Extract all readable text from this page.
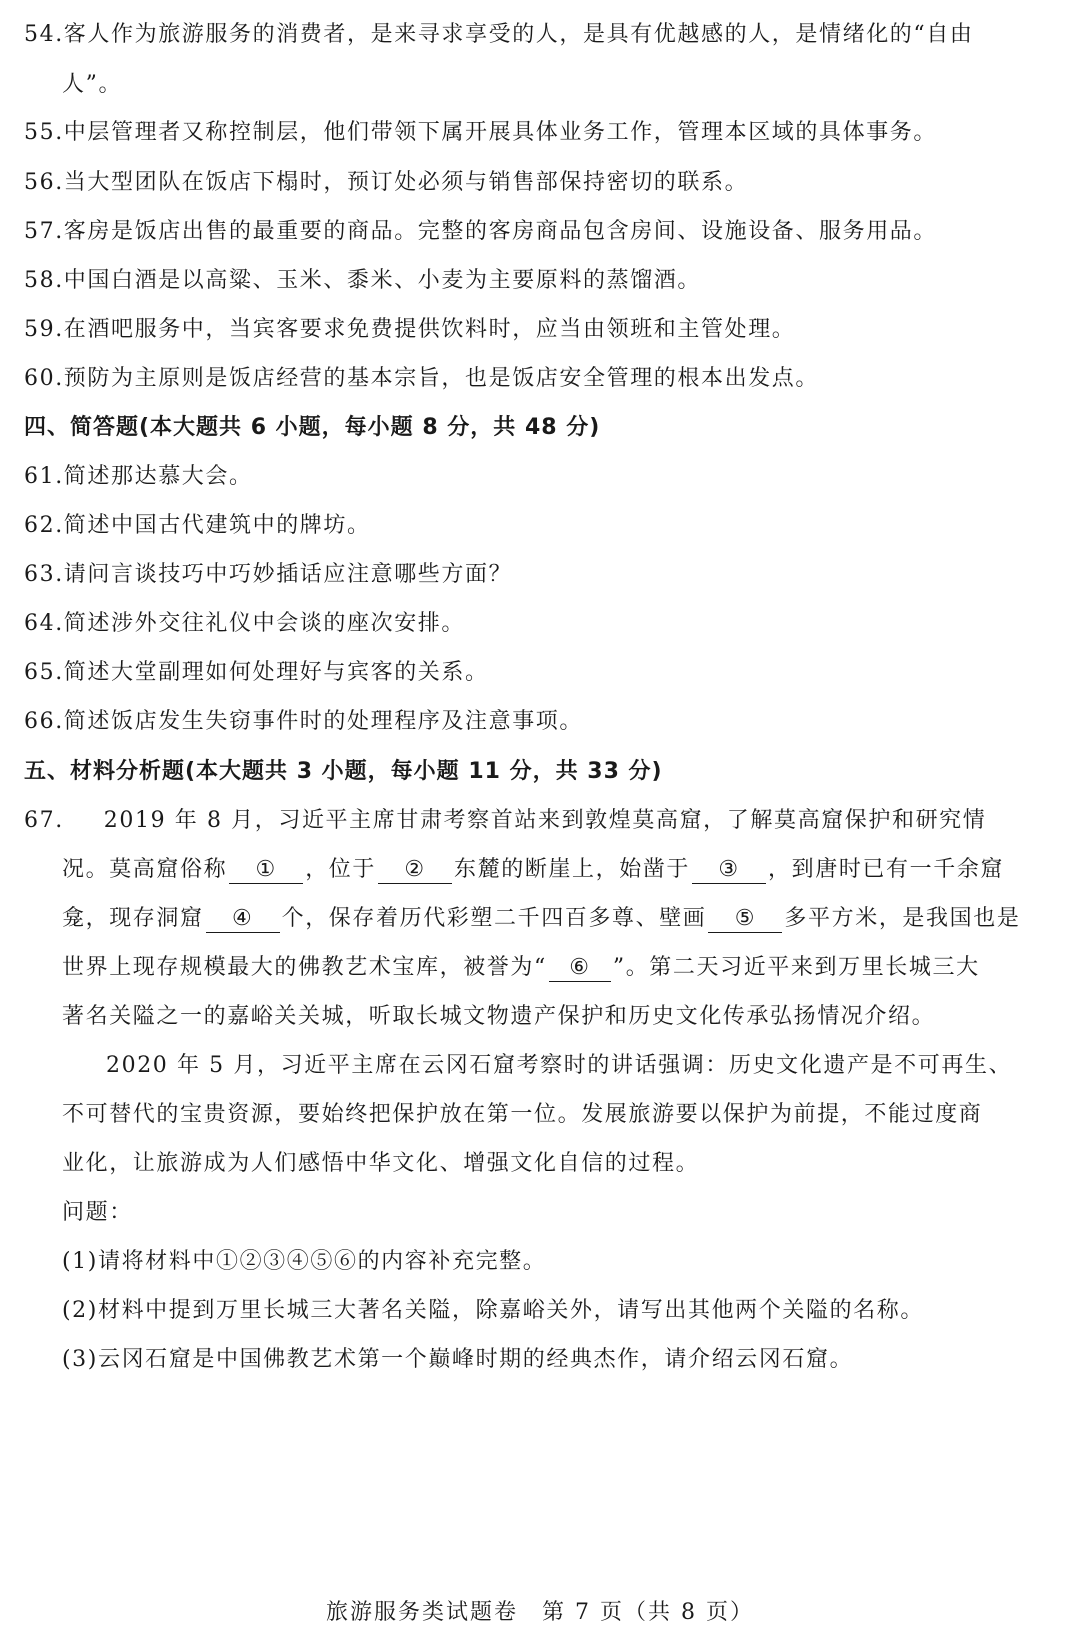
54.客人作为旅游服务的消费者，是来寻求享受的人，是具有优越感的人，是情绪化的“自由
人”。
55.中层管理者又称控制层，他们带领下属开展具体业务工作，管理本区域的具体事务。
56.当大型团队在饭店下榻时，预订处必须与销售部保持密切的联系。
57.客房是饭店出售的最重要的商品。完整的客房商品包含房间、设施设备、服务用品。
58.中国白酒是以高粱、玉米、黍米、小麦为主要原料的蒸馏酒。
59.在酒吧服务中，当宾客要求免费提供饮料时，应当由领班和主管处理。
60.预防为主原则是饭店经营的基本宗旨，也是饭店安全管理的根本出发点。
四、简答题(本大题共 6 小题，每小题 8 分，共 48 分)
61.简述那达慕大会。
62.简述中国古代建筑中的牌坊。
63.请问言谈技巧中巧妙插话应注意哪些方面？
64.简述涉外交往礼仪中会谈的座次安排。
65.简述大堂副理如何处理好与宾客的关系。
66.简述饭店发生失窃事件时的处理程序及注意事项。
五、材料分析题(本大题共 3 小题，每小题 11 分，共 33 分)
67. 2019 年 8 月，习近平主席甘肃考察首站来到敦煌莫高窟，了解莫高窟保护和研究情
况。莫高窟俗称 ① ，位于 ② 东麓的断崖上，始凿于 ③ ，到唐时已有一千余窟
龛，现存洞窟 ④ 个，保存着历代彩塑二千四百多尊、壁画 ⑤ 多平方米，是我国也是
世界上现存规模最大的佛教艺术宝库，被誉为“ ⑥ ”。第二天习近平来到万里长城三大
著名关隘之一的嘉峪关关城，听取长城文物遗产保护和历史文化传承弘扬情况介绍。
2020 年 5 月，习近平主席在云冈石窟考察时的讲话强调：历史文化遗产是不可再生、
不可替代的宝贵资源，要始终把保护放在第一位。发展旅游要以保护为前提，不能过度商
业化，让旅游成为人们感悟中华文化、增强文化自信的过程。
问题：
(1)请将材料中①②③④⑤⑥的内容补充完整。
(2)材料中提到万里长城三大著名关隘，除嘉峪关外，请写出其他两个关隘的名称。
(3)云冈石窟是中国佛教艺术第一个巅峰时期的经典杰作，请介绍云冈石窟。
旅游服务类试题卷　第 7 页（共 8 页）
